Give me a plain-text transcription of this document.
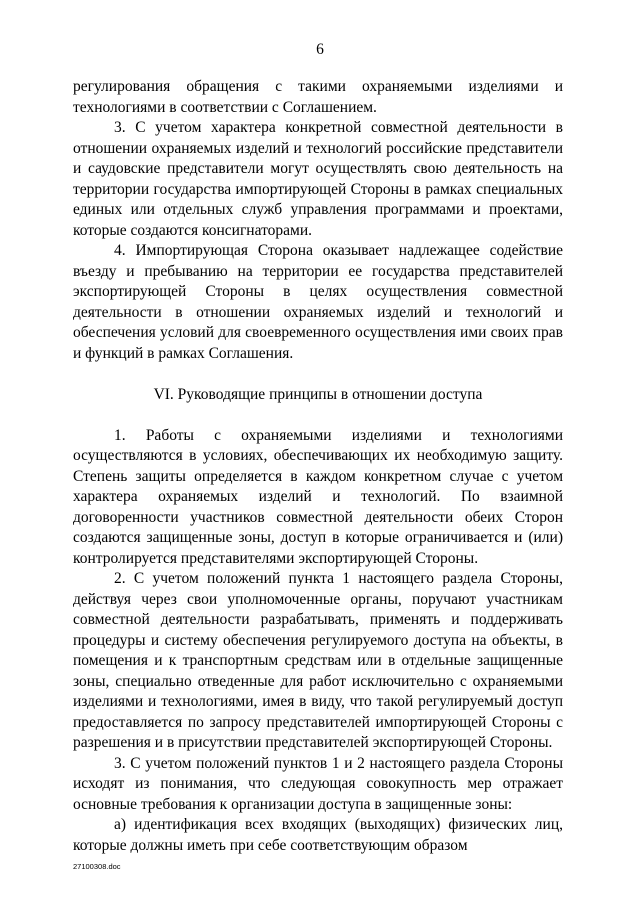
6

регулирования обращения с такими охраняемыми изделиями и технологиями в соответствии с Соглашением.

3. С учетом характера конкретной совместной деятельности в отношении охраняемых изделий и технологий российские представители и саудовские представители могут осуществлять свою деятельность на территории государства импортирующей Стороны в рамках специальных единых или отдельных служб управления программами и проектами, которые создаются консигнаторами.

4. Импортирующая Сторона оказывает надлежащее содействие въезду и пребыванию на территории ее государства представителей экспортирующей Стороны в целях осуществления совместной деятельности в отношении охраняемых изделий и технологий и обеспечения условий для своевременного осуществления ими своих прав и функций в рамках Соглашения.

VI. Руководящие принципы в отношении доступа

1. Работы с охраняемыми изделиями и технологиями осуществляются в условиях, обеспечивающих их необходимую защиту. Степень защиты определяется в каждом конкретном случае с учетом характера охраняемых изделий и технологий. По взаимной договоренности участников совместной деятельности обеих Сторон создаются защищенные зоны, доступ в которые ограничивается и (или) контролируется представителями экспортирующей Стороны.

2. С учетом положений пункта 1 настоящего раздела Стороны, действуя через свои уполномоченные органы, поручают участникам совместной деятельности разрабатывать, применять и поддерживать процедуры и систему обеспечения регулируемого доступа на объекты, в помещения и к транспортным средствам или в отдельные защищенные зоны, специально отведенные для работ исключительно с охраняемыми изделиями и технологиями, имея в виду, что такой регулируемый доступ предоставляется по запросу представителей импортирующей Стороны с разрешения и в присутствии представителей экспортирующей Стороны.

3. С учетом положений пунктов 1 и 2 настоящего раздела Стороны исходят из понимания, что следующая совокупность мер отражает основные требования к организации доступа в защищенные зоны:

а) идентификация всех входящих (выходящих) физических лиц, которые должны иметь при себе соответствующим образом

27100308.doc
